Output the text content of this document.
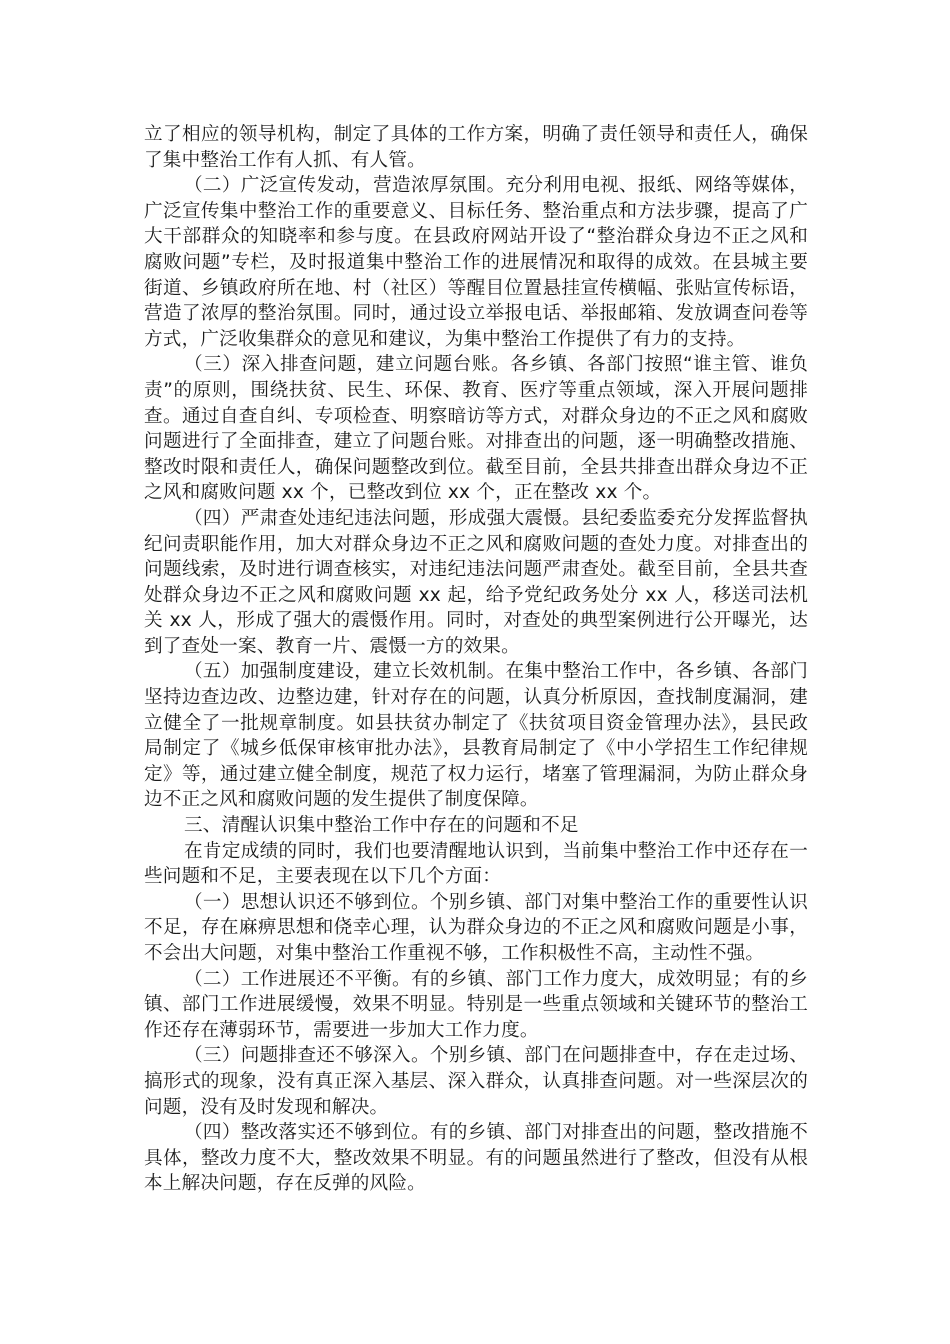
立了相应的领导机构，制定了具体的工作方案，明确了责任领导和责任人，确保了集中整治工作有人抓、有人管。

（二）广泛宣传发动，营造浓厚氛围。充分利用电视、报纸、网络等媒体，广泛宣传集中整治工作的重要意义、目标任务、整治重点和方法步骤，提高了广大干部群众的知晓率和参与度。在县政府网站开设了“整治群众身边不正之风和腐败问题”专栏，及时报道集中整治工作的进展情况和取得的成效。在县城主要街道、乡镇政府所在地、村（社区）等醒目位置悬挂宣传横幅、张贴宣传标语，营造了浓厚的整治氛围。同时，通过设立举报电话、举报邮箱、发放调查问卷等方式，广泛收集群众的意见和建议，为集中整治工作提供了有力的支持。

（三）深入排查问题，建立问题台账。各乡镇、各部门按照“谁主管、谁负责”的原则，围绕扶贫、民生、环保、教育、医疗等重点领域，深入开展问题排查。通过自查自纠、专项检查、明察暗访等方式，对群众身边的不正之风和腐败问题进行了全面排查，建立了问题台账。对排查出的问题，逐一明确整改措施、整改时限和责任人，确保问题整改到位。截至目前，全县共排查出群众身边不正之风和腐败问题 xx 个，已整改到位 xx 个，正在整改 xx 个。

（四）严肃查处违纪违法问题，形成强大震慑。县纪委监委充分发挥监督执纪问责职能作用，加大对群众身边不正之风和腐败问题的查处力度。对排查出的问题线索，及时进行调查核实，对违纪违法问题严肃查处。截至目前，全县共查处群众身边不正之风和腐败问题 xx 起，给予党纪政务处分 xx 人，移送司法机关 xx 人，形成了强大的震慑作用。同时，对查处的典型案例进行公开曝光，达到了查处一案、教育一片、震慑一方的效果。

（五）加强制度建设，建立长效机制。在集中整治工作中，各乡镇、各部门坚持边查边改、边整边建，针对存在的问题，认真分析原因，查找制度漏洞，建立健全了一批规章制度。如县扶贫办制定了《扶贫项目资金管理办法》，县民政局制定了《城乡低保审核审批办法》，县教育局制定了《中小学招生工作纪律规定》等，通过建立健全制度，规范了权力运行，堵塞了管理漏洞，为防止群众身边不正之风和腐败问题的发生提供了制度保障。

三、清醒认识集中整治工作中存在的问题和不足

在肯定成绩的同时，我们也要清醒地认识到，当前集中整治工作中还存在一些问题和不足，主要表现在以下几个方面：

（一）思想认识还不够到位。个别乡镇、部门对集中整治工作的重要性认识不足，存在麻痹思想和侥幸心理，认为群众身边的不正之风和腐败问题是小事，不会出大问题，对集中整治工作重视不够，工作积极性不高，主动性不强。

（二）工作进展还不平衡。有的乡镇、部门工作力度大，成效明显；有的乡镇、部门工作进展缓慢，效果不明显。特别是一些重点领域和关键环节的整治工作还存在薄弱环节，需要进一步加大工作力度。

（三）问题排查还不够深入。个别乡镇、部门在问题排查中，存在走过场、搞形式的现象，没有真正深入基层、深入群众，认真排查问题。对一些深层次的问题，没有及时发现和解决。

（四）整改落实还不够到位。有的乡镇、部门对排查出的问题，整改措施不具体，整改力度不大，整改效果不明显。有的问题虽然进行了整改，但没有从根本上解决问题，存在反弹的风险。
